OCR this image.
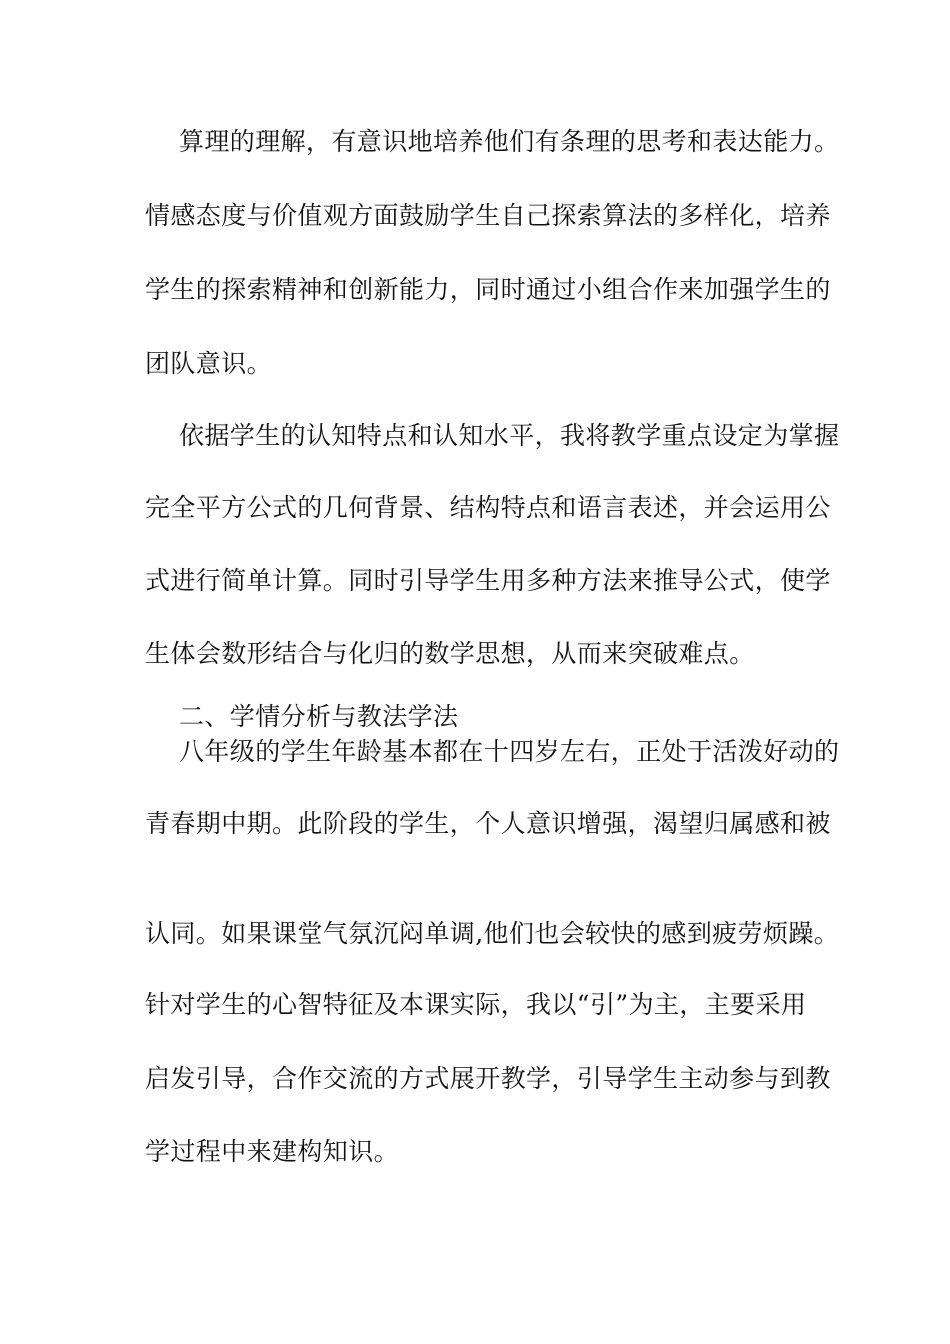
算理的理解，有意识地培养他们有条理的思考和表达能力。
情感态度与价值观方面鼓励学生自己探索算法的多样化，培养
学生的探索精神和创新能力，同时通过小组合作来加强学生的
团队意识。
依据学生的认知特点和认知水平，我将教学重点设定为掌握
完全平方公式的几何背景、结构特点和语言表述，并会运用公
式进行简单计算。同时引导学生用多种方法来推导公式，使学
生体会数形结合与化归的数学思想，从而来突破难点。
二、学情分析与教法学法
八年级的学生年龄基本都在十四岁左右，正处于活泼好动的
青春期中期。此阶段的学生，个人意识增强，渴望归属感和被
认同。如果课堂气氛沉闷单调,他们也会较快的感到疲劳烦躁。
针对学生的心智特征及本课实际，我以“引”为主，主要采用
启发引导，合作交流的方式展开教学，引导学生主动参与到教
学过程中来建构知识。
